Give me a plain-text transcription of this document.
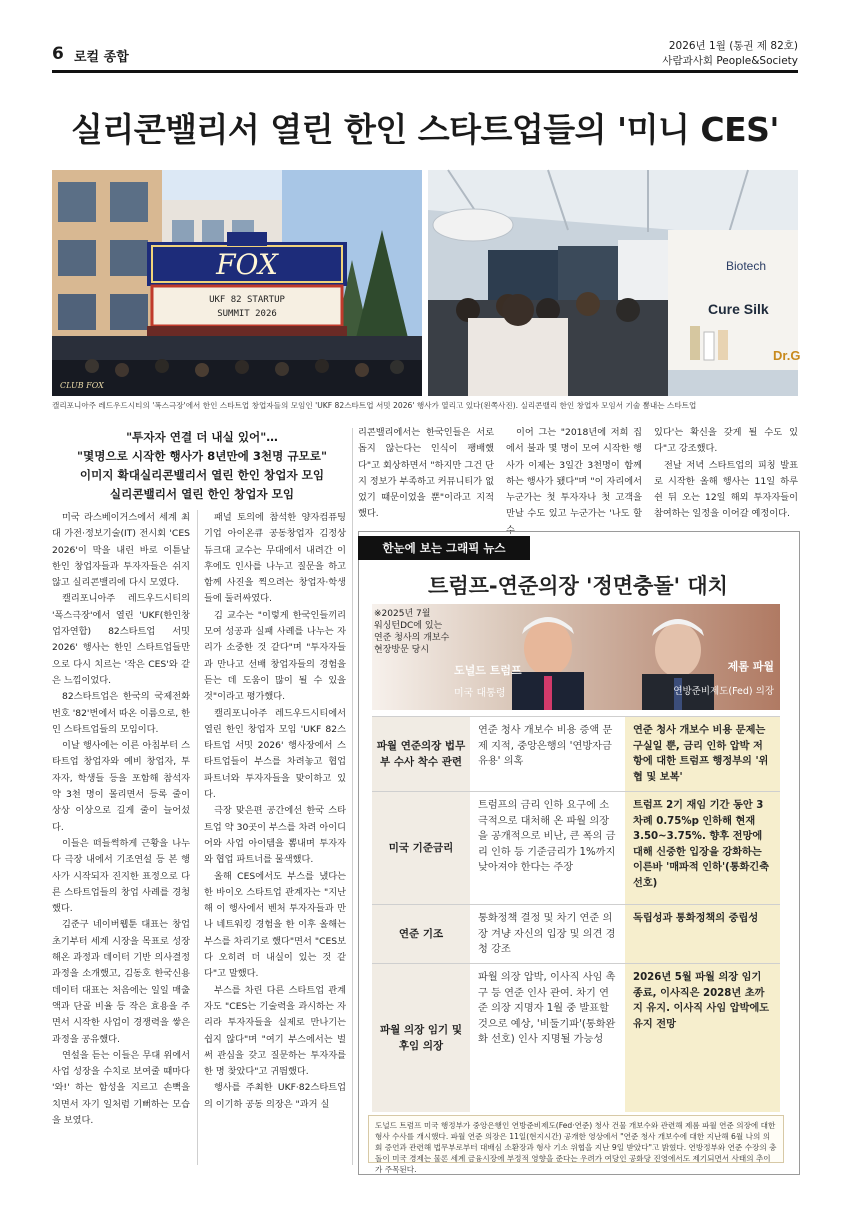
6 로컬 종합
2026년 1월 (통권 제 82호)
사람과사회 People&Society
실리콘밸리서 열린 한인 스타트업들의 '미니 CES'
FOX
UKF 82 STARTUP
SUMMIT 2026
CLUB FOX
Biotech
Cure Silk
Dr.G
캘리포니아주 레드우드시티의 '폭스극장'에서 한인 스타트업 창업자들의 모임인 'UKF 82스타트업 서밋 2026' 행사가 열리고 있다(왼쪽사진). 실리콘밸리 한인 창업자 모임서 기술 뽐내는 스타트업
"투자자 연결 더 내실 있어"…
"몇명으로 시작한 행사가 8년만에 3천명 규모로"
이미지 확대실리콘밸리서 열린 한인 창업자 모임
실리콘밸리서 열린 한인 창업자 모임

미국 라스베이거스에서 세계 최대 가전·정보기술(IT) 전시회 'CES 2026'이 막을 내린 바로 이튿날 한인 창업자들과 투자자들은 쉬지 않고 실리콘밸리에 다시 모였다.

캘리포니아주 레드우드시티의 '폭스극장'에서 열린 'UKF(한인창업자연합) 82스타트업 서밋 2026' 행사는 한인 스타트업들만으로 다시 치르는 '작은 CES'와 같은 느낌이었다.

82스타트업은 한국의 국제전화번호 '82'번에서 따온 이름으로, 한인 스타트업들의 모임이다.

이날 행사에는 이른 아침부터 스타트업 창업자와 예비 창업자, 투자자, 학생들 등을 포함해 참석자 약 3천 명이 몰리면서 등록 줄이 상상 이상으로 길게 줄이 늘어섰다.

이들은 떠들썩하게 근황을 나누다 극장 내에서 기조연설 등 본 행사가 시작되자 진지한 표정으로 다른 스타트업들의 창업 사례를 경청했다.

김준구 네이버웹툰 대표는 창업 초기부터 세계 시장을 목표로 성장해온 과정과 데이터 기반 의사결정 과정을 소개했고, 김동호 한국신용데이터 대표는 처음에는 일일 매출액과 단골 비율 등 작은 효용을 주면서 시작한 사업이 경쟁력을 쌓은 과정을 공유했다.

연설을 듣는 이들은 무대 위에서 사업 성장을 수치로 보여줄 때마다 '와!' 하는 함성을 지르고 손뼉을 치면서 자기 일처럼 기뻐하는 모습을 보였다.

패널 토의에 참석한 양자컴퓨팅 기업 아이온큐 공동창업자 김정상 듀크대 교수는 무대에서 내려간 이후에도 인사를 나누고 질문을 하고 함께 사진을 찍으려는 창업자·학생들에 둘러싸였다.

김 교수는 "이렇게 한국인들끼리 모여 성공과 실패 사례를 나누는 자리가 소중한 것 같다"며 "투자자들과 만나고 선배 창업자들의 경험을 듣는 데 도움이 많이 될 수 있을 것"이라고 평가했다.

캘리포니아주 레드우드시티에서 열린 한인 창업자 모임 'UKF 82스타트업 서밋 2026' 행사장에서 스타트업들이 부스를 차려놓고 협업 파트너와 투자자들을 맞이하고 있다.

극장 맞은편 공간에선 한국 스타트업 약 30곳이 부스를 차려 아이디어와 사업 아이템을 뽐내며 투자자와 협업 파트너를 물색했다.

올해 CES에서도 부스를 냈다는 한 바이오 스타트업 관계자는 "지난해 이 행사에서 벤처 투자자들과 만나 네트워킹 경험을 한 이후 올해는 부스를 차리기로 했다"면서 "CES보다 오히려 더 내실이 있는 것 같다"고 말했다.

부스를 차린 다른 스타트업 관계자도 "CES는 기술력을 과시하는 자리라 투자자들을 실제로 만나기는 쉽지 않다"며 "여기 부스에서는 벌써 관심을 갖고 질문하는 투자자를 한 명 찾았다"고 귀띔했다.

행사를 주최한 UKF·82스타트업의 이기하 공동 의장은 "과거 실

리콘밸리에서는 한국인들은 서로 돕지 않는다는 인식이 팽배했다"고 회상하면서 "하지만 그건 단지 정보가 부족하고 커뮤니티가 없었기 때문이었을 뿐"이라고 지적했다.

이어 그는 "2018년에 저희 집에서 불과 몇 명이 모여 시작한 행사가 이제는 3일간 3천명이 함께하는 행사가 됐다"며 "이 자리에서 누군가는 첫 투자자나 첫 고객을 만날 수도 있고 누군가는 '나도 할 수

있다'는 확신을 갖게 될 수도 있다"고 강조했다.

전날 저녁 스타트업의 피칭 발표로 시작한 올해 행사는 11일 하루 쉰 뒤 오는 12일 해외 투자자들이 참여하는 일정을 이어갈 예정이다.

한눈에 보는 그래픽 뉴스
트럼프-연준의장 '정면충돌' 대치
도널드 트럼프
미국 대통령
제롬 파월
연방준비제도(Fed) 의장
※2025년 7월
워싱턴DC에 있는
연준 청사의 개보수
현장방문 당시
파월 연준의장 법무부 수사 착수 관련
연준 청사 개보수 비용 증액 문제 지적, 중앙은행의 '연방자금 유용' 의혹
연준 청사 개보수 비용 문제는 구실일 뿐, 금리 인하 압박 저항에 대한 트럼프 행정부의 '위협 및 보복'
미국 기준금리
트럼프의 금리 인하 요구에 소극적으로 대처해 온 파월 의장을 공개적으로 비난, 큰 폭의 금리 인하 등 기준금리가 1%까지 낮아져야 한다는 주장
트럼프 2기 재임 기간 동안 3차례 0.75%p 인하해 현재 3.50~3.75%. 향후 전망에 대해 신중한 입장을 강화하는 이른바 '매파적 인하'(통화긴축 선호)
연준 기조
통화정책 결정 및 차기 연준 의장 겨냥 자신의 입장 및 의견 경청 강조
독립성과 통화정책의 중립성
파월 의장 임기 및 후임 의장
파월 의장 압박, 이사직 사임 촉구 등 연준 인사 관여. 차기 연준 의장 지명자 1월 중 발표할 것으로 예상, '비둘기파'(통화완화 선호) 인사 지명될 가능성
2026년 5월 파월 의장 임기 종료, 이사직은 2028년 초까지 유지. 이사직 사임 압박에도 유지 전망
도널드 트럼프 미국 행정부가 중앙은행인 연방준비제도(Fed·연준) 청사 건물 개보수와 관련해 제롬 파월 연준 의장에 대한 형사 수사를 개시했다. 파월 연준 의장은 11일(현지시간) 공개한 영상에서 "연준 청사 개보수에 대한 지난해 6월 나의 의회 증언과 관련해 법무부로부터 대배심 소환장과 형사 기소 위협을 지난 9일 받았다"고 밝혔다. 연방정부와 연준 수장의 충돌이 미국 경제는 물론 세계 금융시장에 부정적 영향을 준다는 우려가 여당인 공화당 진영에서도 제기되면서 사태의 추이가 주목된다.
